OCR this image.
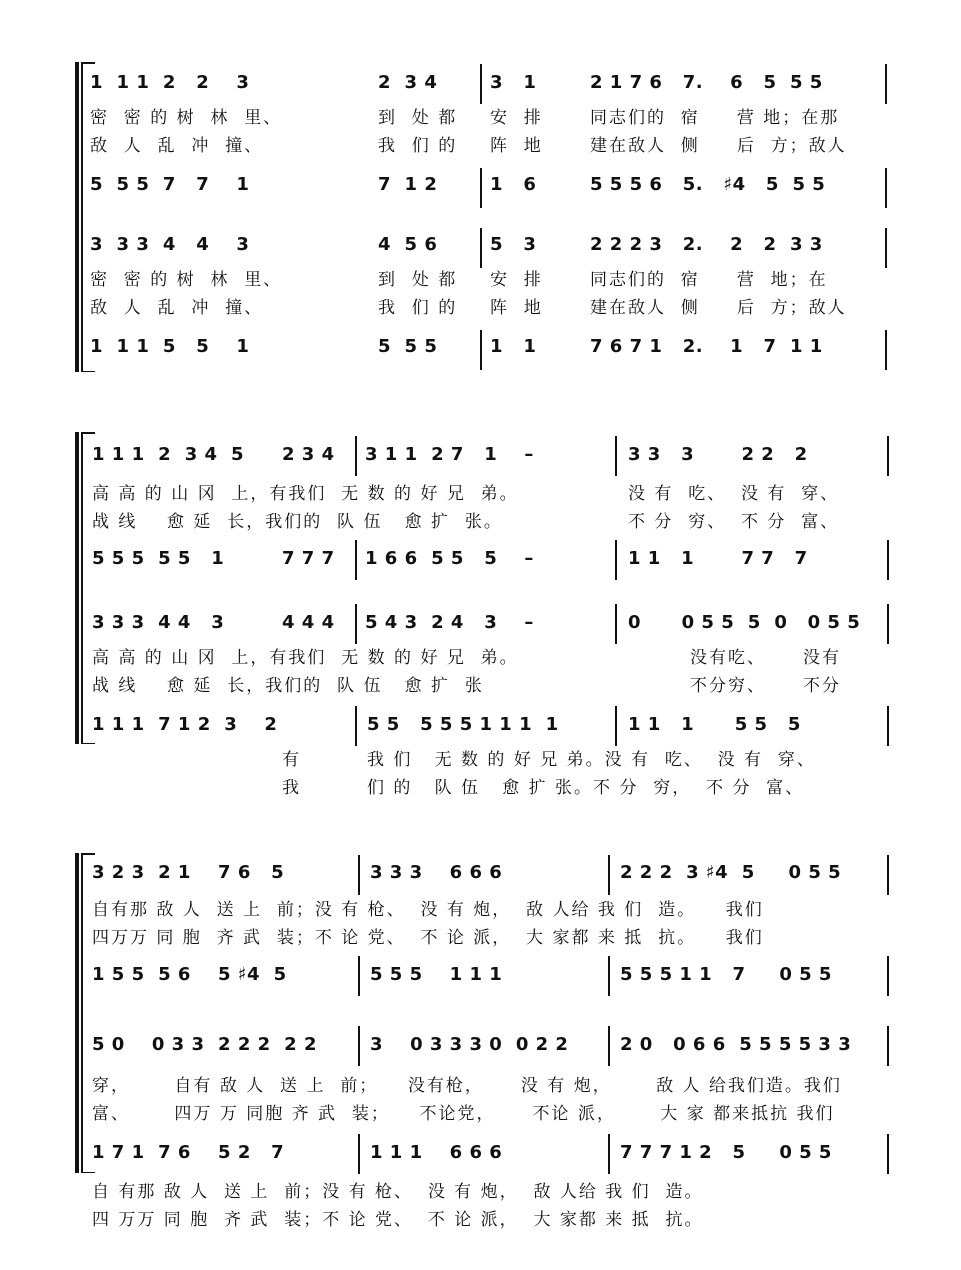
1  1 1  2   2    3	2  3 4	3   1	2 1 7 6   7.    6   5  5 5
密  密 的 树  林  里、	到  处 都 安  排	同志们的  宿     营 地；在那
敌  人  乱  冲  撞、	我  们 的 阵  地	建在敌人  侧     后  方；敌人
5  5 5  7   7    1	7  1 2	1   6	5 5 5 6   5.   ♯4   5  5 5
3  3 3  4   4    3	4  5 6	5   3	2 2 2 3   2.    2   2  3 3
密  密 的 树  林  里、	到  处 都 安  排	同志们的  宿     营  地；在
敌  人  乱  冲  撞、	我  们 的 阵  地	建在敌人  侧     后  方；敌人
1  1 1  5   5    1	5  5 5	1   1	7 6 7 1   2.    1   7  1 1
1 1 1  2  3 4  5 2 3 4 3 1 1  2 7   1    –	3 3   3       2 2   2
高 高 的 山 冈  上，有我们  无 数 的 好 兄  弟。	没 有  吃、  没 有  穿、
战 线    愈 延  长，我们的  队 伍   愈 扩  张。	不 分  穷、  不 分  富、
5 5 5  5 5   1	7 7 7 1 6 6  5 5   5    –	1 1   1       7 7   7
3 3 3  4 4   3	4 4 4 5 4 3  2 4   3    –	0      0 5 5  5  0   0 5 5
高 高 的 山 冈  上，有我们  无 数 的 好 兄  弟。	没有吃、     没有
战 线    愈 延  长，我们的  队 伍   愈 扩  张	不分穷、     不分
1 1 1  7 1 2  3    2	5 5   5 5 5 1 1 1  1	1 1   1      5 5   5
有	我 们   无 数 的 好 兄 弟。没 有  吃、  没 有  穿、
我	们 的   队 伍   愈 扩 张。不 分  穷，  不 分  富、
3 2 3  2 1    7 6   5	3 3 3    6 6 6	2 2 2  3 ♯4  5     0 5 5
自有那 敌 人  送 上  前；没 有 枪、  没 有 炮，  敌 人给 我 们  造。    我们
四万万 同 胞  齐 武  装；不 论 党、  不 论 派，  大 家都 来 抵  抗。    我们
1 5 5  5 6    5 ♯4  5	5 5 5    1 1 1	5 5 5 1 1   7     0 5 5
5 0    0 3 3  2 2 2  2 2	3    0 3 3 3 0  0 2 2	2 0   0 6 6  5 5 5 5 3 3
穿，      自有 敌 人  送 上  前；    没有枪，     没 有 炮，      敌 人 给我们造。我们
富、      四万 万 同胞 齐 武  装；    不论党，     不论 派，      大 家 都来抵抗 我们
1 7 1  7 6    5 2   7	1 1 1    6 6 6	7 7 7 1 2   5     0 5 5
自 有那 敌 人  送 上  前；没 有 枪、  没 有 炮，  敌 人给 我 们  造。
四 万万 同 胞  齐 武  装；不 论 党、  不 论 派，  大 家都 来 抵  抗。
